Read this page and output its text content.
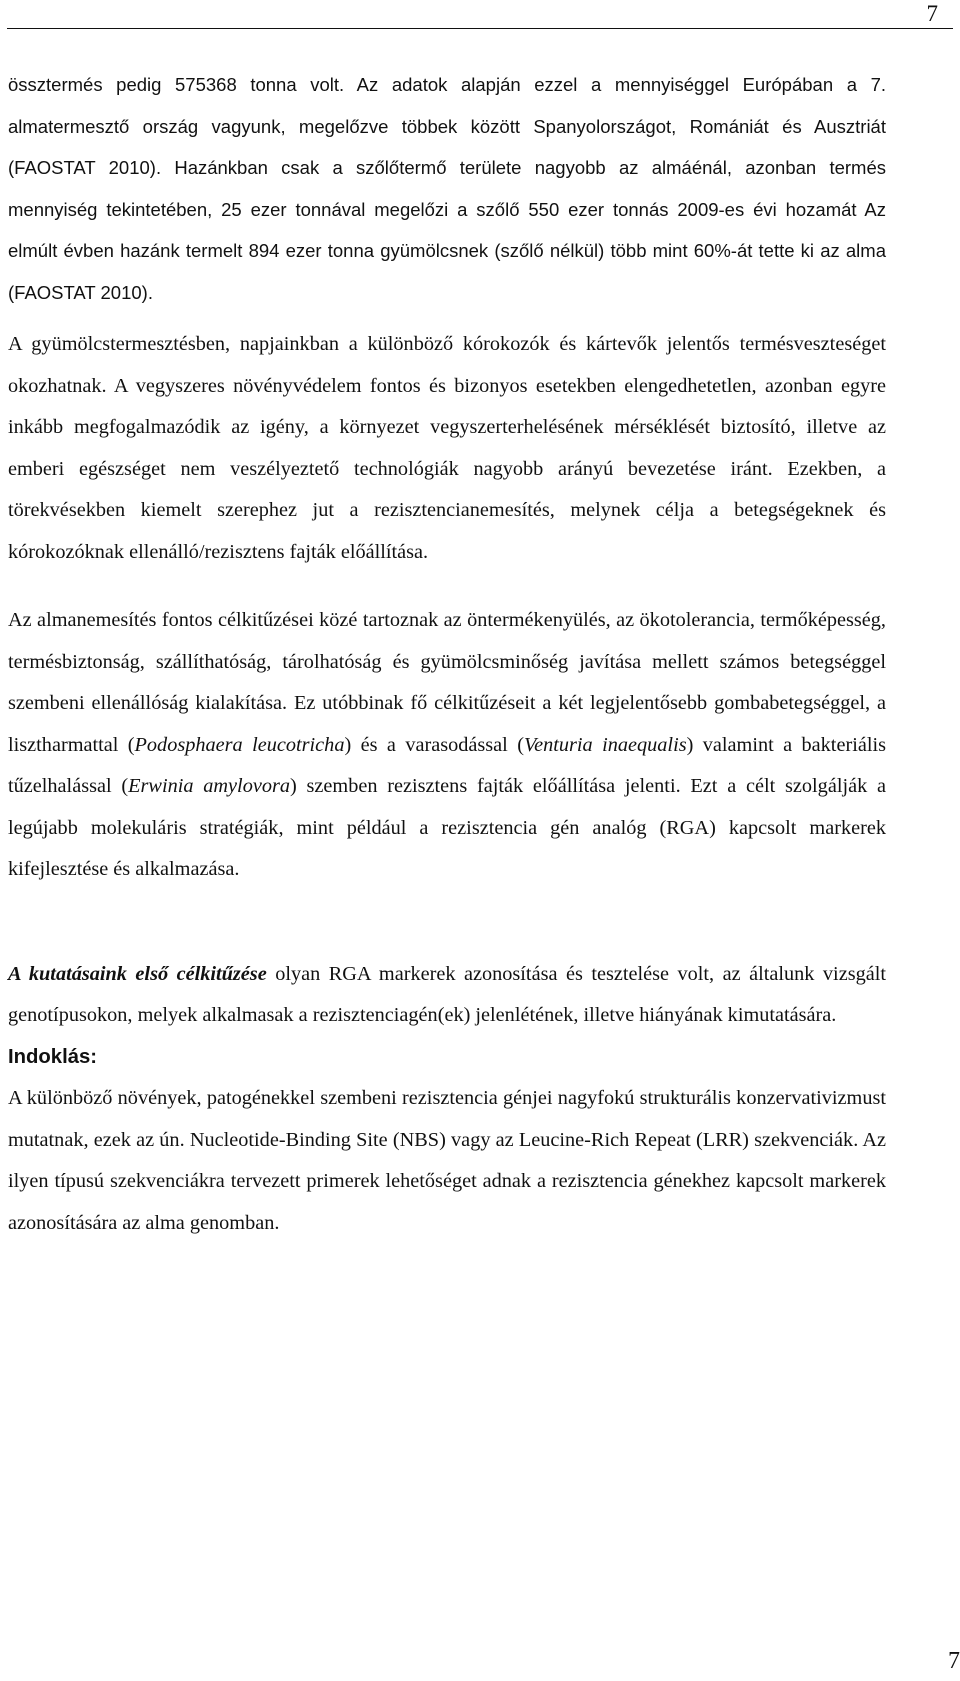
7

össztermés pedig 575368 tonna volt. Az adatok alapján ezzel a mennyiséggel Európában a 7. almatermesztő ország vagyunk, megelőzve többek között Spanyolországot, Romániát és Ausztriát (FAOSTAT 2010). Hazánkban csak a szőlőtermő területe nagyobb az almáénál, azonban termés mennyiség tekintetében, 25 ezer tonnával megelőzi a szőlő 550 ezer tonnás 2009-es évi hozamát Az elmúlt évben hazánk termelt 894 ezer tonna gyümölcsnek (szőlő nélkül) több mint 60%-át tette ki az alma (FAOSTAT 2010).

A gyümölcstermesztésben, napjainkban a különböző kórokozók és kártevők jelentős termésveszteséget okozhatnak. A vegyszeres növényvédelem fontos és bizonyos esetekben elengedhetetlen, azonban egyre inkább megfogalmazódik az igény, a környezet vegyszerterhelésének mérséklését biztosító, illetve az emberi egészséget nem veszélyeztető technológiák nagyobb arányú bevezetése iránt. Ezekben, a törekvésekben kiemelt szerephez jut a rezisztencianemesítés, melynek célja a betegségeknek és kórokozóknak ellenálló/rezisztens fajták előállítása.

Az almanemesítés fontos célkitűzései közé tartoznak az öntermékenyülés, az ökotolerancia, termőképesség, termésbiztonság, szállíthatóság, tárolhatóság és gyümölcsminőség javítása mellett számos betegséggel szembeni ellenállóság kialakítása. Ez utóbbinak fő célkitűzéseit a két legjelentősebb gombabetegséggel, a lisztharmattal (Podosphaera leucotricha) és a varasodással (Venturia inaequalis) valamint a bakteriális tűzelhalással (Erwinia amylovora) szemben rezisztens fajták előállítása jelenti. Ezt a célt szolgálják a legújabb molekuláris stratégiák, mint például a rezisztencia gén analóg (RGA) kapcsolt markerek kifejlesztése és alkalmazása.

A kutatásaink első célkitűzése olyan RGA markerek azonosítása és tesztelése volt, az általunk vizsgált genotípusokon, melyek alkalmasak a rezisztenciagén(ek) jelenlétének, illetve hiányának kimutatására.

Indoklás:

A különböző növények, patogénekkel szembeni rezisztencia génjei nagyfokú strukturális konzervativizmust mutatnak, ezek az ún. Nucleotide-Binding Site (NBS) vagy az Leucine-Rich Repeat (LRR) szekvenciák. Az ilyen típusú szekvenciákra tervezett primerek lehetőséget adnak a rezisztencia génekhez kapcsolt markerek azonosítására az alma genomban.

7
